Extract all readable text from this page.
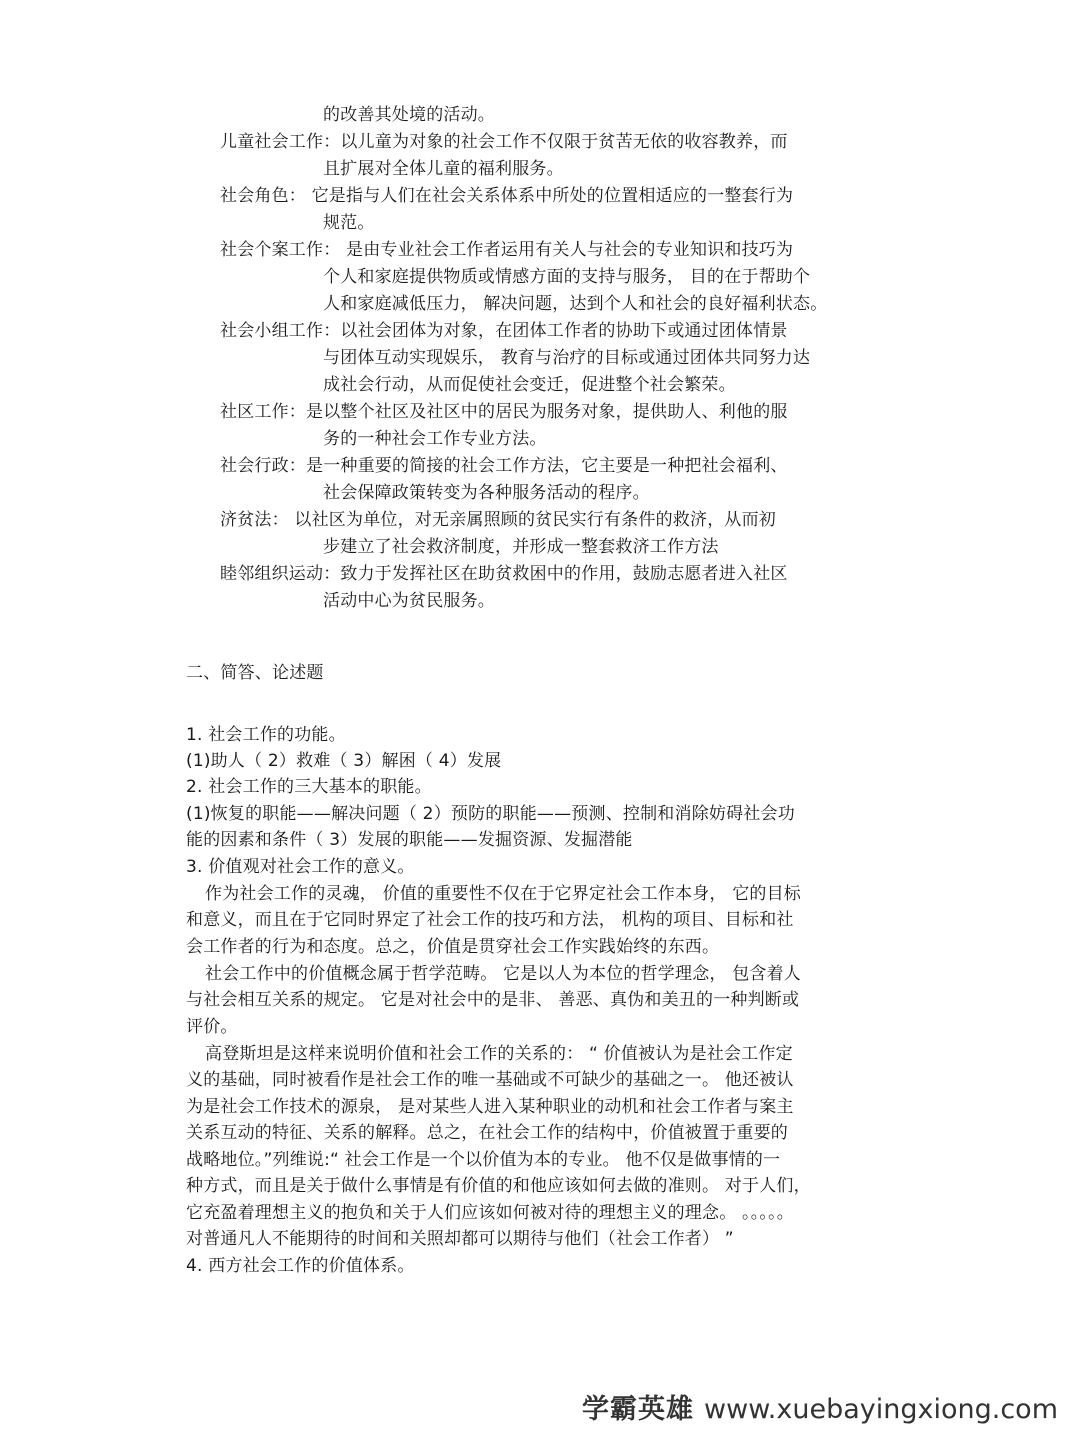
的改善其处境的活动。
儿童社会工作：以儿童为对象的社会工作不仅限于贫苦无依的收容教养，而
且扩展对全体儿童的福利服务。
社会角色： 它是指与人们在社会关系体系中所处的位置相适应的一整套行为
规范。
社会个案工作： 是由专业社会工作者运用有关人与社会的专业知识和技巧为
个人和家庭提供物质或情感方面的支持与服务， 目的在于帮助个
人和家庭减低压力， 解决问题，达到个人和社会的良好福利状态。
社会小组工作：以社会团体为对象，在团体工作者的协助下或通过团体情景
与团体互动实现娱乐， 教育与治疗的目标或通过团体共同努力达
成社会行动，从而促使社会变迁，促进整个社会繁荣。
社区工作：是以整个社区及社区中的居民为服务对象，提供助人、利他的服
务的一种社会工作专业方法。
社会行政：是一种重要的简接的社会工作方法，它主要是一种把社会福利、
社会保障政策转变为各种服务活动的程序。
济贫法： 以社区为单位，对无亲属照顾的贫民实行有条件的救济，从而初
步建立了社会救济制度，并形成一整套救济工作方法
睦邻组织运动：致力于发挥社区在助贫救困中的作用，鼓励志愿者进入社区
活动中心为贫民服务。
二、简答、论述题
1. 社会工作的功能。
(1)助人（ 2）救难（ 3）解困（ 4）发展
2. 社会工作的三大基本的职能。
(1)恢复的职能——解决问题（ 2）预防的职能——预测、控制和消除妨碍社会功
能的因素和条件（ 3）发展的职能——发掘资源、发掘潜能
3. 价值观对社会工作的意义。
作为社会工作的灵魂， 价值的重要性不仅在于它界定社会工作本身， 它的目标
和意义，而且在于它同时界定了社会工作的技巧和方法， 机构的项目、目标和社
会工作者的行为和态度。总之，价值是贯穿社会工作实践始终的东西。
社会工作中的价值概念属于哲学范畴。 它是以人为本位的哲学理念， 包含着人
与社会相互关系的规定。 它是对社会中的是非、 善恶、真伪和美丑的一种判断或
评价。
高登斯坦是这样来说明价值和社会工作的关系的： “ 价值被认为是社会工作定
义的基础，同时被看作是社会工作的唯一基础或不可缺少的基础之一。 他还被认
为是社会工作技术的源泉， 是对某些人进入某种职业的动机和社会工作者与案主
关系互动的特征、关系的解释。总之，在社会工作的结构中，价值被置于重要的
战略地位。”列维说:“ 社会工作是一个以价值为本的专业。 他不仅是做事情的一
种方式，而且是关于做什么事情是有价值的和他应该如何去做的准则。 对于人们，
它充盈着理想主义的抱负和关于人们应该如何被对待的理想主义的理念。 。。。。。
对普通凡人不能期待的时间和关照却都可以期待与他们（社会工作者） ”
4. 西方社会工作的价值体系。
学霸英雄 www.xuebayingxiong.com
